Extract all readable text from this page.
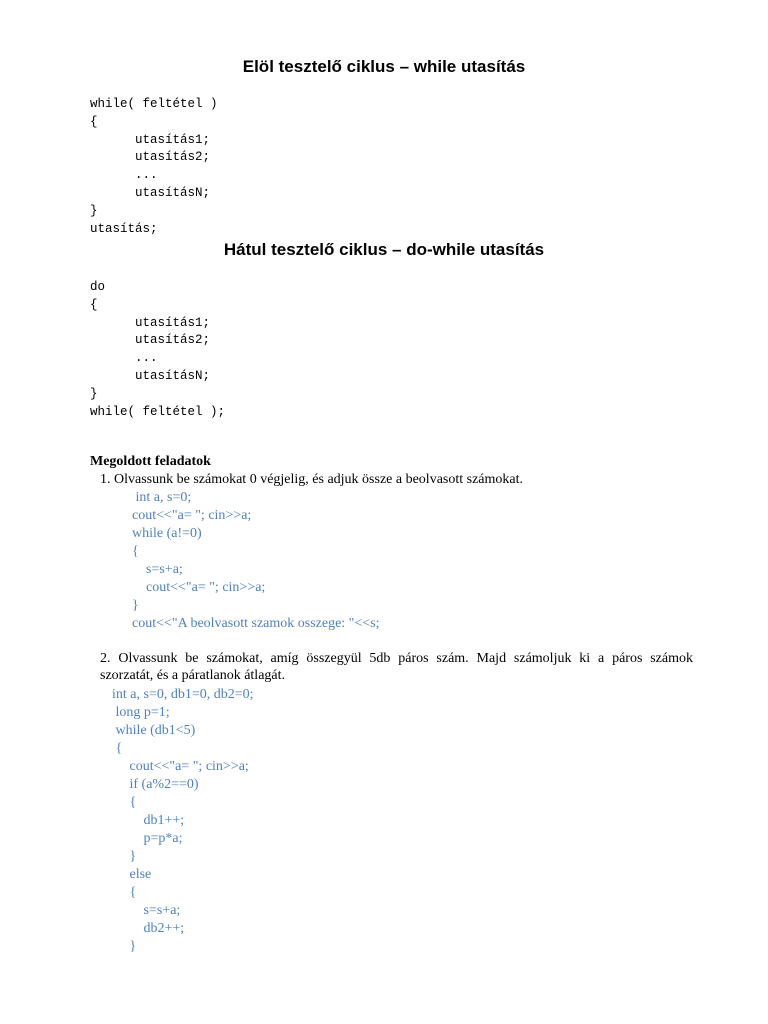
Elöl tesztelő ciklus – while utasítás
while( feltétel )
{
utasítás1;
utasítás2;
...
utasításN;
}
utasítás;
Hátul tesztelő ciklus – do-while utasítás
do
{
utasítás1;
utasítás2;
...
utasításN;
}
while( feltétel );
Megoldott feladatok
1. Olvassunk be számokat 0 végjelig, és adjuk össze a beolvasott számokat.
int a, s=0;
cout<<"a= "; cin>>a;
while (a!=0)
{
s=s+a;
cout<<"a= "; cin>>a;
}
cout<<"A beolvasott szamok osszege: "<<s;
2. Olvassunk be számokat, amíg összegyül 5db páros szám. Majd számoljuk ki a páros számok
szorzatát, és a páratlanok átlagát.
int a, s=0, db1=0, db2=0;
long p=1;
while (db1<5)
{
cout<<"a= "; cin>>a;
if (a%2==0)
{
db1++;
p=p*a;
}
else
{
s=s+a;
db2++;
}
